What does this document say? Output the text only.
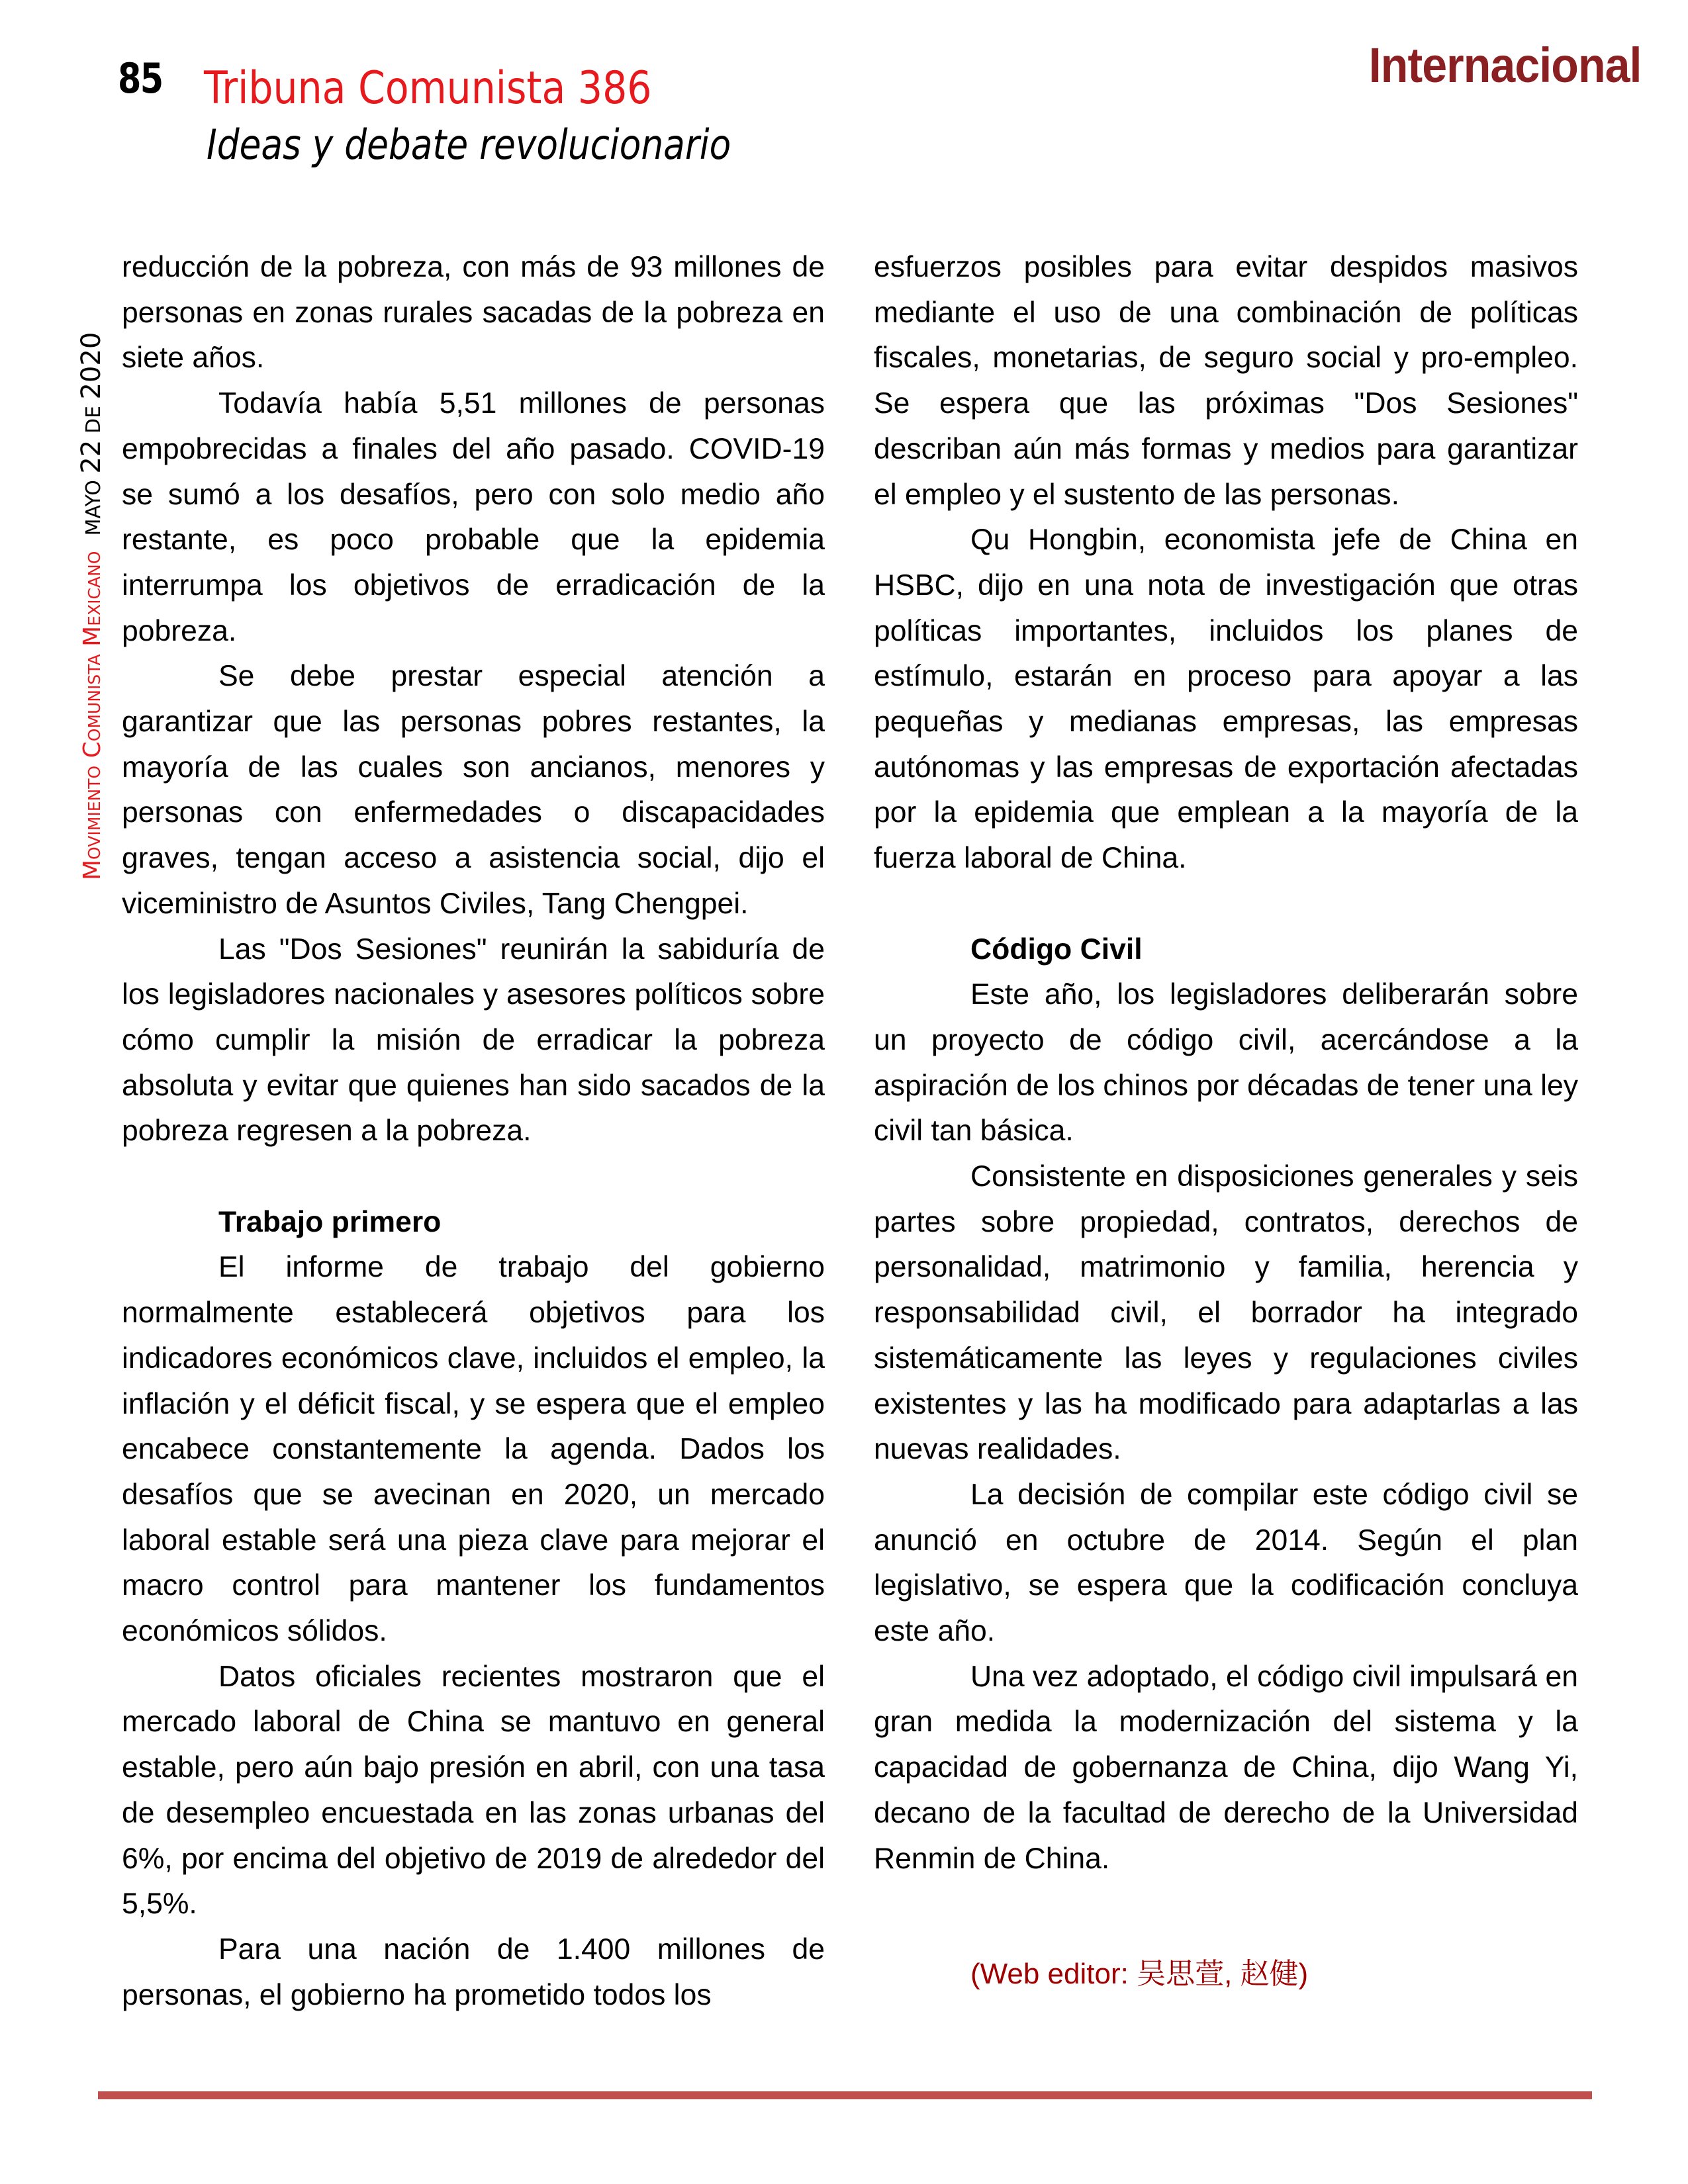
85 Tribuna Comunista 386
Ideas y debate revolucionario
Internacional
Movimiento Comunista Mexicano MAYO 22 DE 2020

reducción de la pobreza, con más de 93 millones de personas en zonas rurales sacadas de la pobreza en siete años.

Todavía había 5,51 millones de personas empobrecidas a finales del año pasado. COVID-19 se sumó a los desafíos, pero con solo medio año restante, es poco probable que la epidemia interrumpa los objetivos de erradicación de la pobreza.

Se debe prestar especial atención a garantizar que las personas pobres restantes, la mayoría de las cuales son ancianos, menores y personas con enfermedades o discapacidades graves, tengan acceso a asistencia social, dijo el viceministro de Asuntos Civiles, Tang Chengpei.

Las "Dos Sesiones" reunirán la sabiduría de los legisladores nacionales y asesores políticos sobre cómo cumplir la misión de erradicar la pobreza absoluta y evitar que quienes han sido sacados de la pobreza regresen a la pobreza.

Trabajo primero

El informe de trabajo del gobierno normalmente establecerá objetivos para los indicadores económicos clave, incluidos el empleo, la inflación y el déficit fiscal, y se espera que el empleo encabece constantemente la agenda. Dados los desafíos que se avecinan en 2020, un mercado laboral estable será una pieza clave para mejorar el macro control para mantener los fundamentos económicos sólidos.

Datos oficiales recientes mostraron que el mercado laboral de China se mantuvo en general estable, pero aún bajo presión en abril, con una tasa de desempleo encuestada en las zonas urbanas del 6%, por encima del objetivo de 2019 de alrededor del 5,5%.

Para una nación de 1.400 millones de personas, el gobierno ha prometido todos los

esfuerzos posibles para evitar despidos masivos mediante el uso de una combinación de políticas fiscales, monetarias, de seguro social y pro-empleo. Se espera que las próximas "Dos Sesiones" describan aún más formas y medios para garantizar el empleo y el sustento de las personas.

Qu Hongbin, economista jefe de China en HSBC, dijo en una nota de investigación que otras políticas importantes, incluidos los planes de estímulo, estarán en proceso para apoyar a las pequeñas y medianas empresas, las empresas autónomas y las empresas de exportación afectadas por la epidemia que emplean a la mayoría de la fuerza laboral de China.

Código Civil

Este año, los legisladores deliberarán sobre un proyecto de código civil, acercándose a la aspiración de los chinos por décadas de tener una ley civil tan básica.

Consistente en disposiciones generales y seis partes sobre propiedad, contratos, derechos de personalidad, matrimonio y familia, herencia y responsabilidad civil, el borrador ha integrado sistemáticamente las leyes y regulaciones civiles existentes y las ha modificado para adaptarlas a las nuevas realidades.

La decisión de compilar este código civil se anunció en octubre de 2014. Según el plan legislativo, se espera que la codificación concluya este año.

Una vez adoptado, el código civil impulsará en gran medida la modernización del sistema y la capacidad de gobernanza de China, dijo Wang Yi, decano de la facultad de derecho de la Universidad Renmin de China.

(Web editor: 吴思萱, 赵健)
